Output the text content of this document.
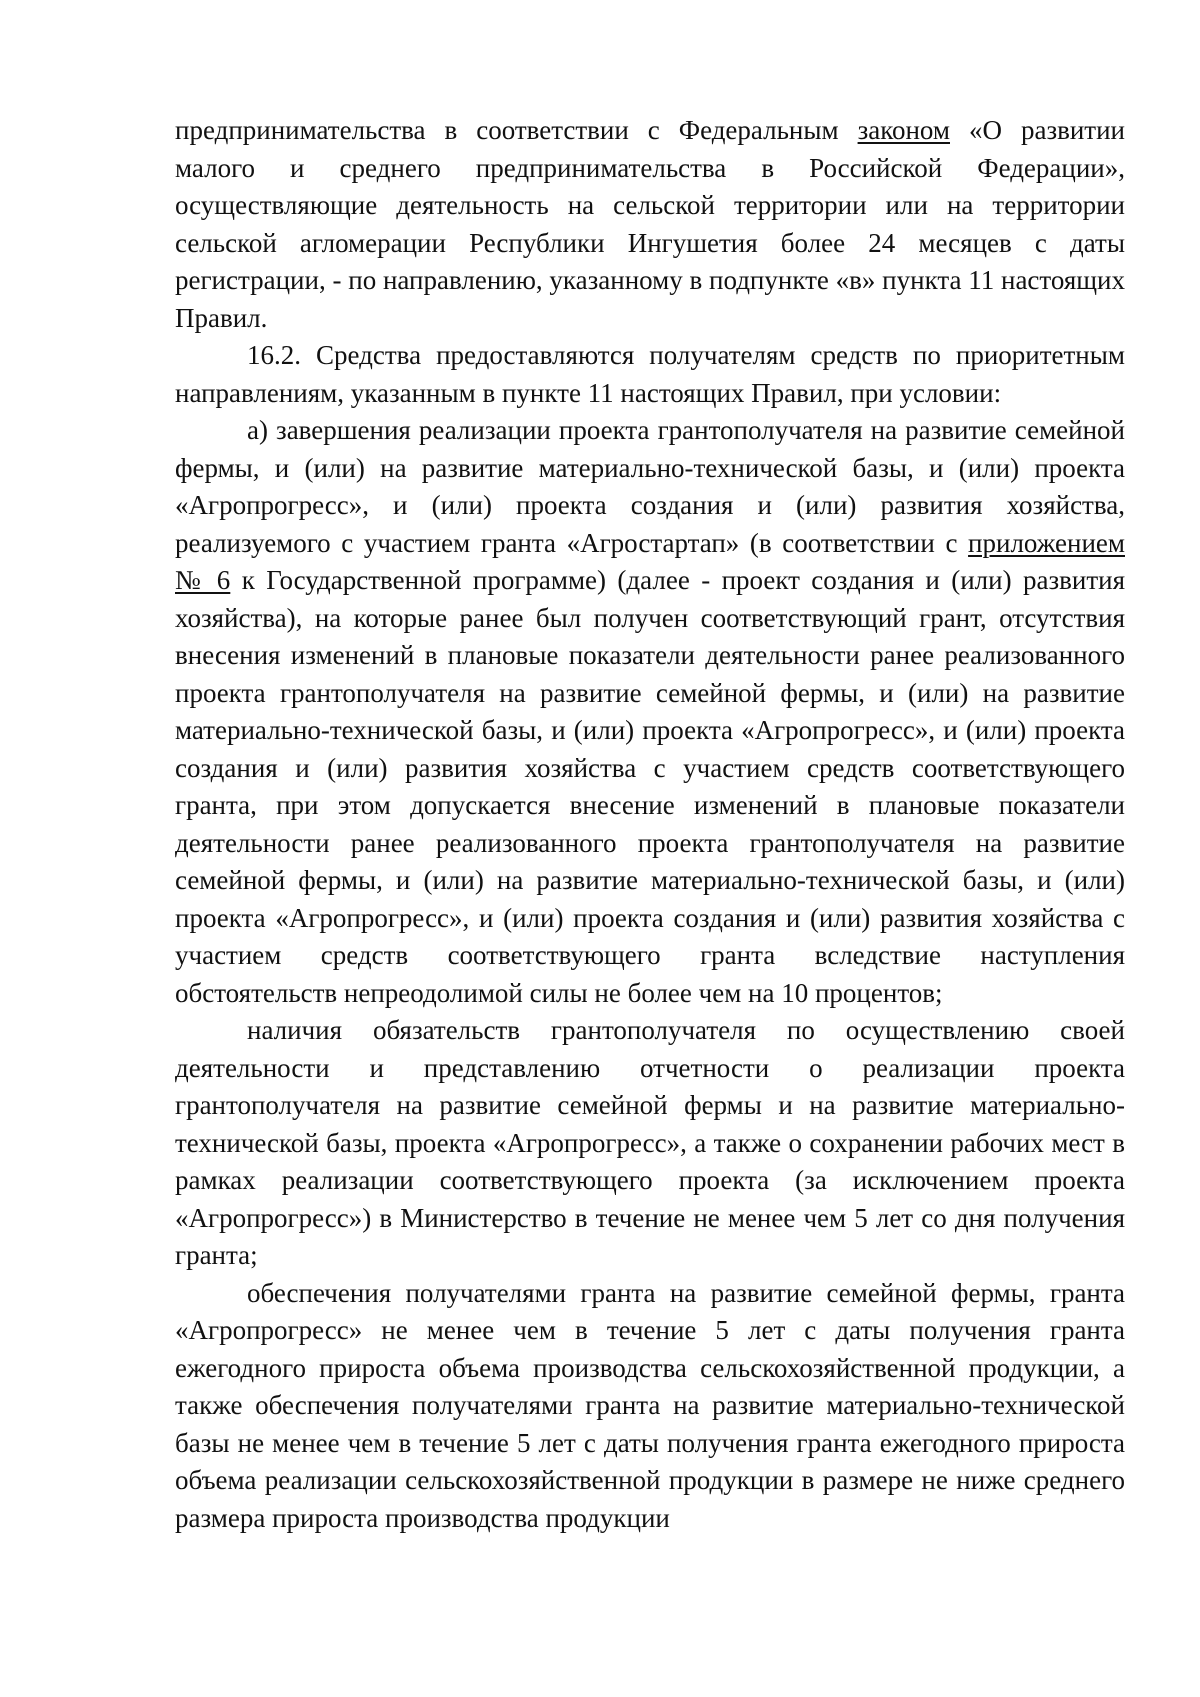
предпринимательства в соответствии с Федеральным законом «О развитии малого и среднего предпринимательства в Российской Федерации», осуществляющие деятельность на сельской территории или на территории сельской агломерации Республики Ингушетия более 24 месяцев с даты регистрации, - по направлению, указанному в подпункте «в» пункта 11 настоящих Правил.

16.2. Средства предоставляются получателям средств по приоритетным направлениям, указанным в пункте 11 настоящих Правил, при условии:

а) завершения реализации проекта грантополучателя на развитие семейной фермы, и (или) на развитие материально-технической базы, и (или) проекта «Агропрогресс», и (или) проекта создания и (или) развития хозяйства, реализуемого с участием гранта «Агростартап» (в соответствии с приложением № 6 к Государственной программе) (далее - проект создания и (или) развития хозяйства), на которые ранее был получен соответствующий грант, отсутствия внесения изменений в плановые показатели деятельности ранее реализованного проекта грантополучателя на развитие семейной фермы, и (или) на развитие материально-технической базы, и (или) проекта «Агропрогресс», и (или) проекта создания и (или) развития хозяйства с участием средств соответствующего гранта, при этом допускается внесение изменений в плановые показатели деятельности ранее реализованного проекта грантополучателя на развитие семейной фермы, и (или) на развитие материально-технической базы, и (или) проекта «Агропрогресс», и (или) проекта создания и (или) развития хозяйства с участием средств соответствующего гранта вследствие наступления обстоятельств непреодолимой силы не более чем на 10 процентов;

наличия обязательств грантополучателя по осуществлению своей деятельности и представлению отчетности о реализации проекта грантополучателя на развитие семейной фермы и на развитие материально-технической базы, проекта «Агропрогресс», а также о сохранении рабочих мест в рамках реализации соответствующего проекта (за исключением проекта «Агропрогресс») в Министерство в течение не менее чем 5 лет со дня получения гранта;

обеспечения получателями гранта на развитие семейной фермы, гранта «Агропрогресс» не менее чем в течение 5 лет с даты получения гранта ежегодного прироста объема производства сельскохозяйственной продукции, а также обеспечения получателями гранта на развитие материально-технической базы не менее чем в течение 5 лет с даты получения гранта ежегодного прироста объема реализации сельскохозяйственной продукции в размере не ниже среднего размера прироста производства продукции
